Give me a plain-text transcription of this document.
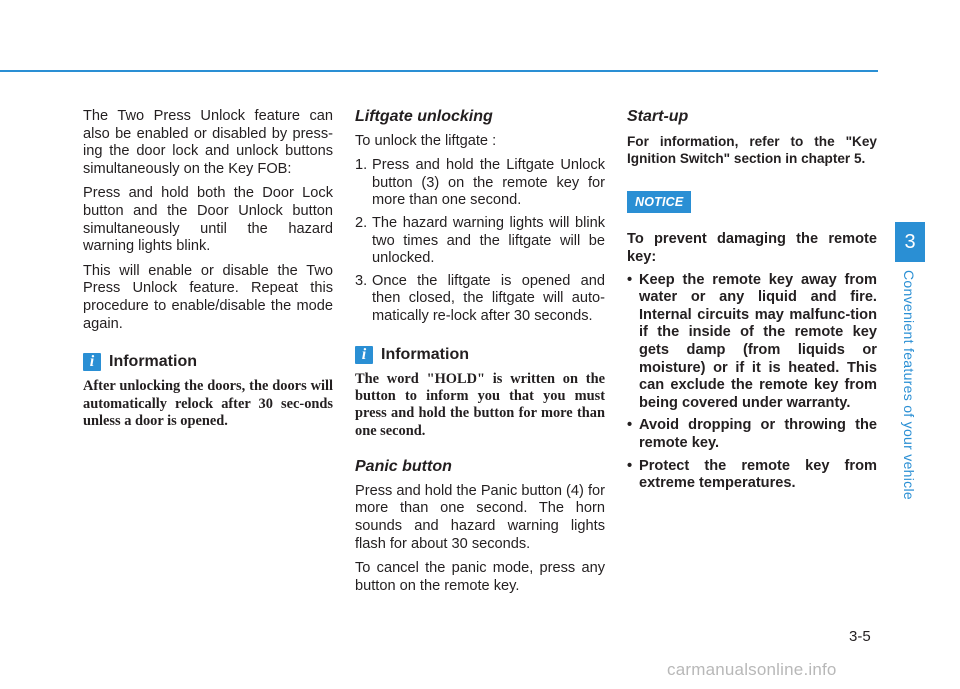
The Two Press Unlock feature can also be enabled or disabled by press-ing the door lock and unlock buttons simultaneously on the Key FOB:

Press and hold both the Door Lock button and the Door Unlock button simultaneously until the hazard warning lights blink.

This will enable or disable the Two Press Unlock feature. Repeat this procedure to enable/disable the mode again.

i Information
After unlocking the doors, the doors will automatically relock after 30 sec-onds unless a door is opened.
Liftgate unlocking

To unlock the liftgate :

1. Press and hold the Liftgate Unlock button (3) on the remote key for more than one second.
2. The hazard warning lights will blink two times and the liftgate will be unlocked.
3. Once the liftgate is opened and then closed, the liftgate will auto-matically re-lock after 30 seconds.
i Information
The word "HOLD" is written on the button to inform you that you must press and hold the button for more than one second.
Panic button

Press and hold the Panic button (4) for more than one second. The horn sounds and hazard warning lights flash for about 30 seconds.

To cancel the panic mode, press any button on the remote key.

Start-up
For information, refer to the "Key Ignition Switch" section in chapter 5.
NOTICE
To prevent damaging the remote key:
• Keep the remote key away from water or any liquid and fire. Internal circuits may malfunc-tion if the inside of the remote key gets damp (from liquids or moisture) or if it is heated. This can exclude the remote key from being covered under warranty.
• Avoid dropping or throwing the remote key.
• Protect the remote key from extreme temperatures.
3
Convenient features of your vehicle
3-5
carmanualsonline.info
